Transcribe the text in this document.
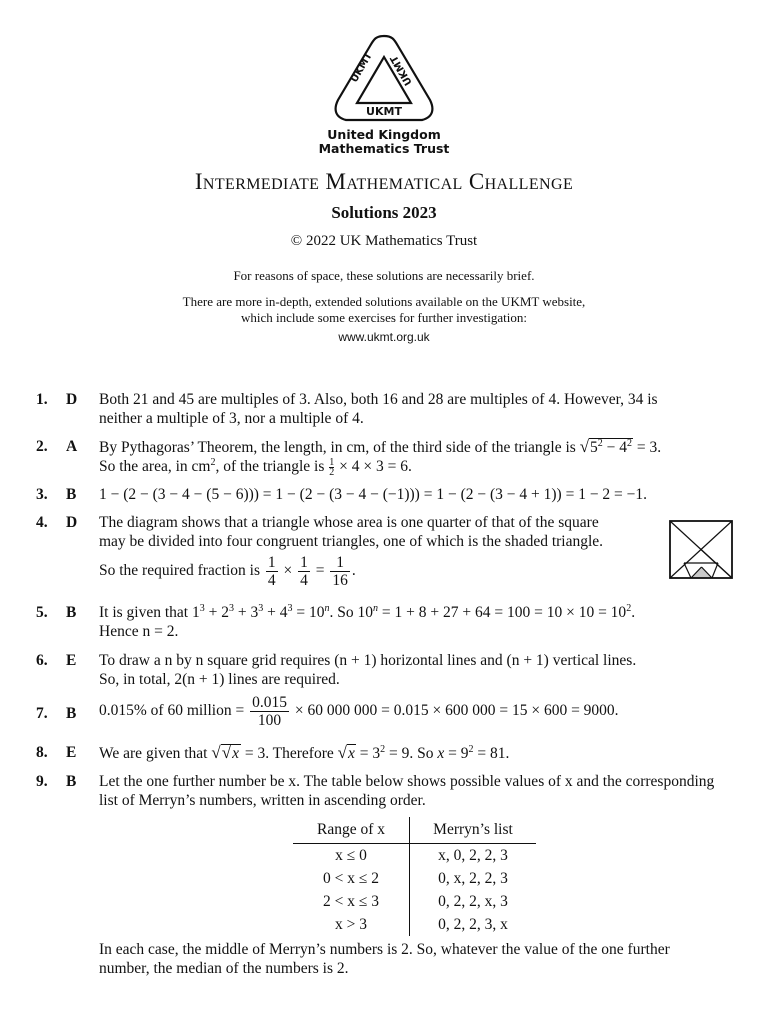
UKMT
UKMT UKMT
United Kingdom
Mathematics Trust
Intermediate Mathematical Challenge
Solutions 2023
© 2022 UK Mathematics Trust
For reasons of space, these solutions are necessarily brief.
There are more in-depth, extended solutions available on the UKMT website,
which include some exercises for further investigation:
www.ukmt.org.uk
1. D Both 21 and 45 are multiples of 3. Also, both 16 and 28 are multiples of 4. However, 34 is
neither a multiple of 3, nor a multiple of 4.
2. A By Pythagoras’ Theorem, the length, in cm, of the third side of the triangle is $√5^2 - 4^2 = 3$.
So the area, in $cm^2$, of the triangle is $\frac{1}{2} \times 4 \times 3 = 6$.
3. B 1 − (2 − (3 − 4 − (5 − 6))) = 1 − (2 − (3 − 4 − (−1))) = 1 − (2 − (3 − 4 + 1)) = 1 − 2 = −1.
4. D The diagram shows that a triangle whose area is one quarter of that of the square
may be divided into four congruent triangles, one of which is the shaded triangle.
So the required fraction is $\frac{1}{4} \times \frac{1}{4} = \frac{1}{16}$ .
5. B It is given that $1^3 + 2^3 + 3^3 + 4^3 = 10^n$. So $10^n = 1 + 8 + 27 + 64 = 100 = 10 \times 10 = 10^2$.
Hence n = 2.
6. E To draw a n by n square grid requires (n + 1) horizontal lines and (n + 1) vertical lines.
So, in total, 2(n + 1) lines are required.
7. B 0.015% of 60 million = $\frac{0.015}{100} \times 60$ 000 000 = 0.015 × 600 000 = 15 × 600 = 9000.
8. E We are given that √√x = 3. Therefore $√x = 3^2 = 9$. So $x = 9^2 = 81$.
9. B Let the one further number be x. The table below shows possible values of x and the corresponding
list of Merryn’s numbers, written in ascending order.
Range of x	Merryn’s list
x ≤ 0	x, 0, 2, 2, 3
0 < x ≤ 2	0, x, 2, 2, 3
2 < x ≤ 3	0, 2, 2, x, 3
x > 3	0, 2, 2, 3, x
In each case, the middle of Merryn’s numbers is 2. So, whatever the value of the one further
number, the median of the numbers is 2.
